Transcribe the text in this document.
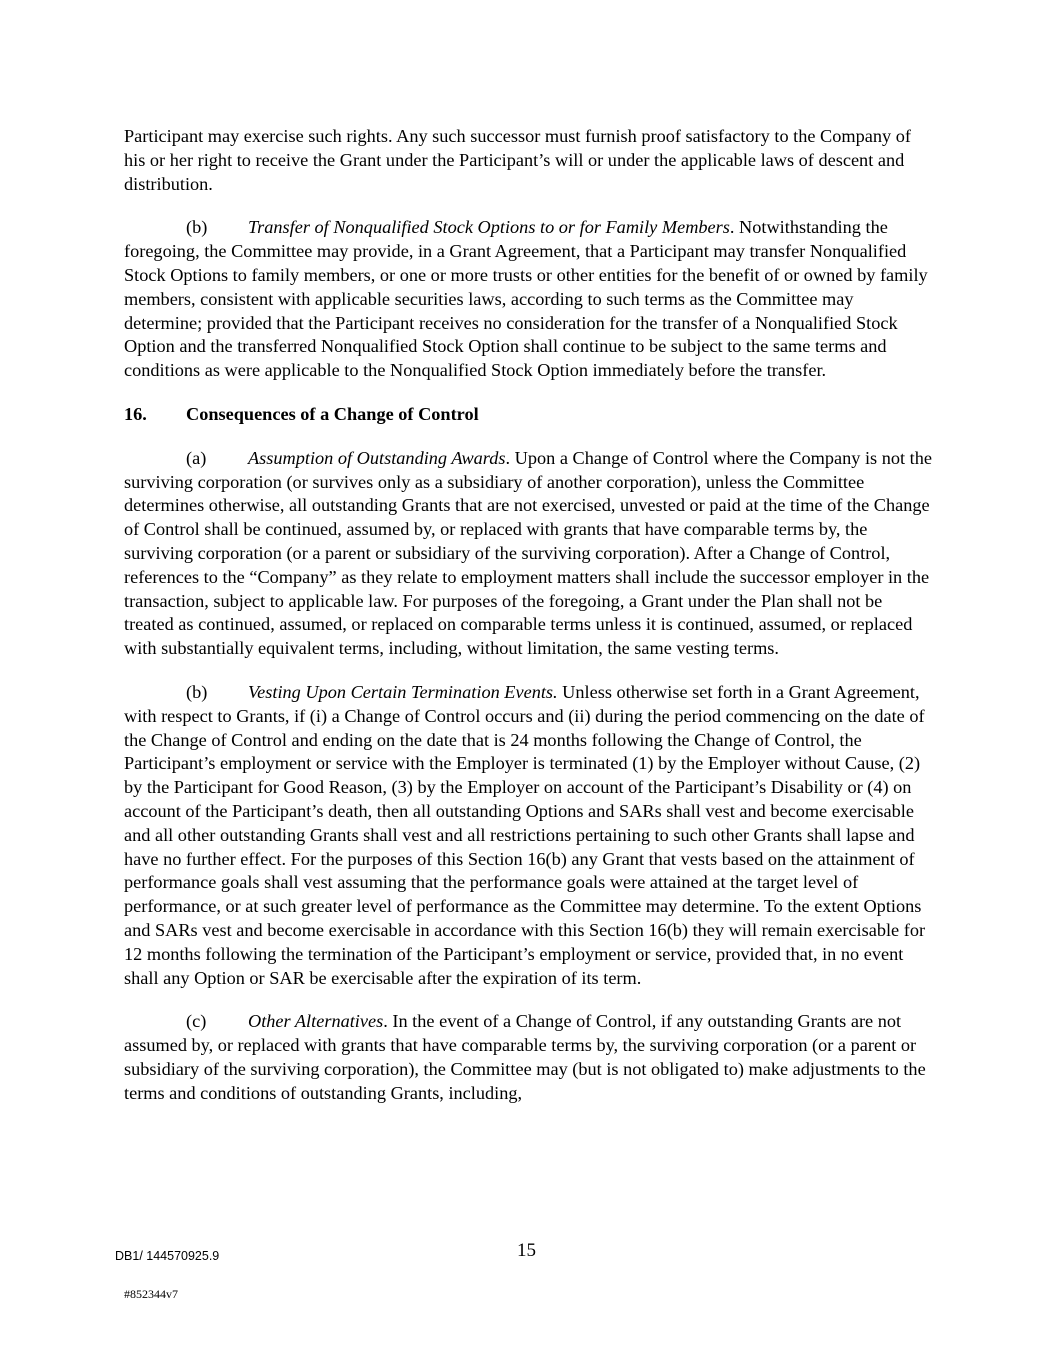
Participant may exercise such rights. Any such successor must furnish proof satisfactory to the Company of his or her right to receive the Grant under the Participant’s will or under the applicable laws of descent and distribution.

(b) Transfer of Nonqualified Stock Options to or for Family Members. Notwithstanding the foregoing, the Committee may provide, in a Grant Agreement, that a Participant may transfer Nonqualified Stock Options to family members, or one or more trusts or other entities for the benefit of or owned by family members, consistent with applicable securities laws, according to such terms as the Committee may determine; provided that the Participant receives no consideration for the transfer of a Nonqualified Stock Option and the transferred Nonqualified Stock Option shall continue to be subject to the same terms and conditions as were applicable to the Nonqualified Stock Option immediately before the transfer.

16. Consequences of a Change of Control

(a) Assumption of Outstanding Awards. Upon a Change of Control where the Company is not the surviving corporation (or survives only as a subsidiary of another corporation), unless the Committee determines otherwise, all outstanding Grants that are not exercised, unvested or paid at the time of the Change of Control shall be continued, assumed by, or replaced with grants that have comparable terms by, the surviving corporation (or a parent or subsidiary of the surviving corporation). After a Change of Control, references to the “Company” as they relate to employment matters shall include the successor employer in the transaction, subject to applicable law. For purposes of the foregoing, a Grant under the Plan shall not be treated as continued, assumed, or replaced on comparable terms unless it is continued, assumed, or replaced with substantially equivalent terms, including, without limitation, the same vesting terms.

(b) Vesting Upon Certain Termination Events. Unless otherwise set forth in a Grant Agreement, with respect to Grants, if (i) a Change of Control occurs and (ii) during the period commencing on the date of the Change of Control and ending on the date that is 24 months following the Change of Control, the Participant’s employment or service with the Employer is terminated (1) by the Employer without Cause, (2) by the Participant for Good Reason, (3) by the Employer on account of the Participant’s Disability or (4) on account of the Participant’s death, then all outstanding Options and SARs shall vest and become exercisable and all other outstanding Grants shall vest and all restrictions pertaining to such other Grants shall lapse and have no further effect. For the purposes of this Section 16(b) any Grant that vests based on the attainment of performance goals shall vest assuming that the performance goals were attained at the target level of performance, or at such greater level of performance as the Committee may determine. To the extent Options and SARs vest and become exercisable in accordance with this Section 16(b) they will remain exercisable for 12 months following the termination of the Participant’s employment or service, provided that, in no event shall any Option or SAR be exercisable after the expiration of its term.

(c) Other Alternatives. In the event of a Change of Control, if any outstanding Grants are not assumed by, or replaced with grants that have comparable terms by, the surviving corporation (or a parent or subsidiary of the surviving corporation), the Committee may (but is not obligated to) make adjustments to the terms and conditions of outstanding Grants, including,

DB1/ 144570925.9	15
#852344v7
